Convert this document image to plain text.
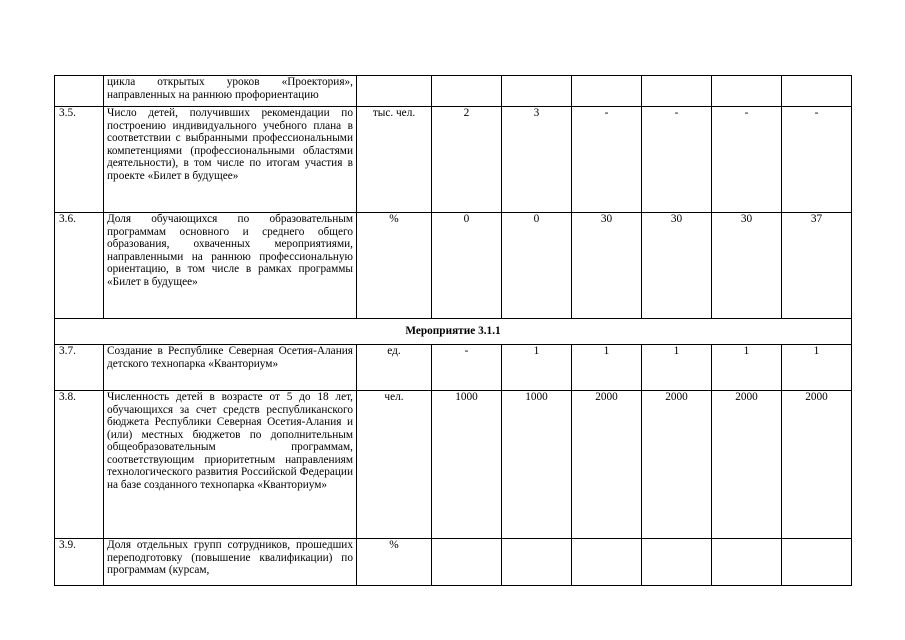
	цикла открытых уроков «Проектория», направленных на раннюю профориентацию							
3.5.	Число детей, получивших рекомендации по построению индивидуального учебного плана в соответствии с выбранными профессиональными компетенциями (профессиональными областями деятельности), в том числе по итогам участия в проекте «Билет в будущее»	тыс. чел.	2	3	-	-	-	-
3.6.	Доля обучающихся по образовательным программам основного и среднего общего образования, охваченных мероприятиями, направленными на раннюю профессиональную ориентацию, в том числе в рамках программы «Билет в будущее»	%	0	0	30	30	30	37
Мероприятие 3.1.1								
3.7.	Создание в Республике Северная Осетия-Алания детского технопарка «Кванториум»	ед.	-	1	1	1	1	1
3.8.	Численность детей в возрасте от 5 до 18 лет, обучающихся за счет средств республиканского бюджета Республики Северная Осетия-Алания и (или) местных бюджетов по дополнительным общеобразовательным программам, соответствующим приоритетным направлениям технологического развития Российской Федерации на базе созданного технопарка «Кванториум»	чел.	1000	1000	2000	2000	2000	2000
3.9.	Доля отдельных групп сотрудников, прошедших переподготовку (повышение квалификации) по программам (курсам,	%						
